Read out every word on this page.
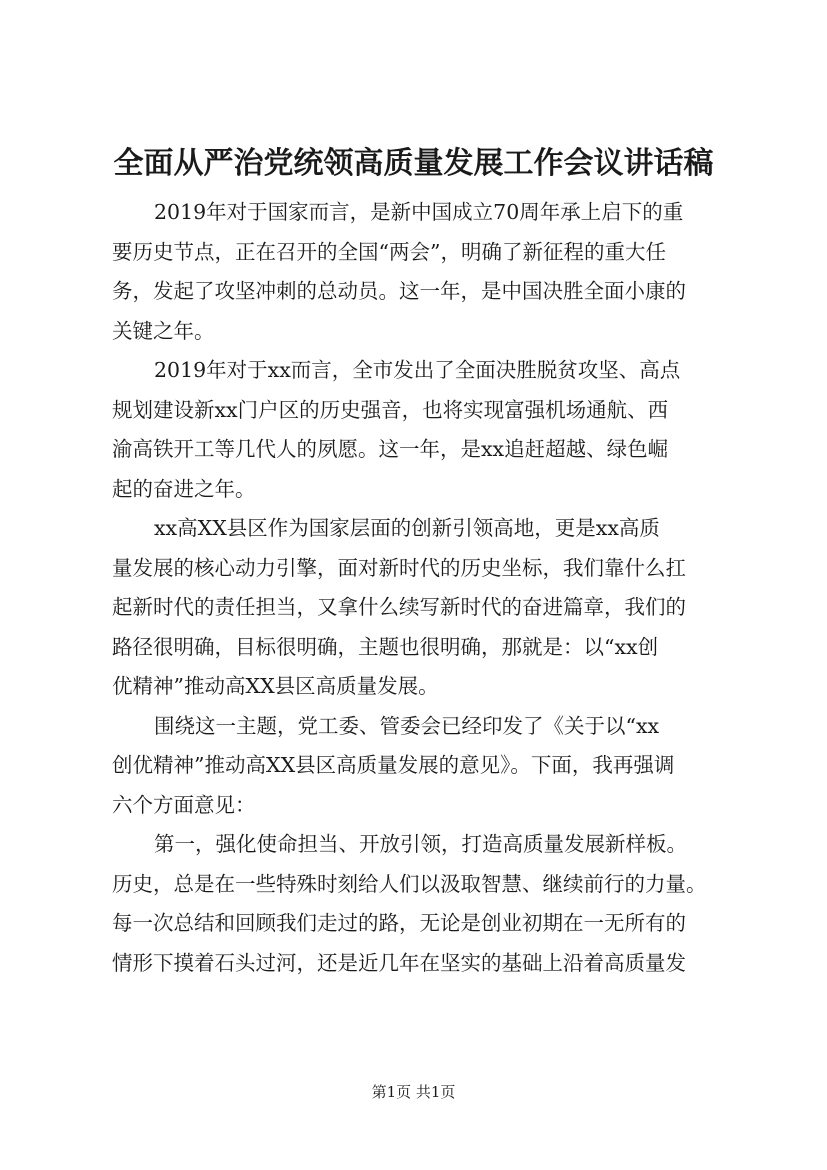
全面从严治党统领高质量发展工作会议讲话稿
2019年对于国家而言，是新中国成立70周年承上启下的重
要历史节点，正在召开的全国“两会”，明确了新征程的重大任
务，发起了攻坚冲刺的总动员。这一年，是中国决胜全面小康的
关键之年。
2019年对于xx而言，全市发出了全面决胜脱贫攻坚、高点
规划建设新xx门户区的历史强音，也将实现富强机场通航、西
渝高铁开工等几代人的夙愿。这一年，是xx追赶超越、绿色崛
起的奋进之年。
xx高XX县区作为国家层面的创新引领高地，更是xx高质
量发展的核心动力引擎，面对新时代的历史坐标，我们靠什么扛
起新时代的责任担当，又拿什么续写新时代的奋进篇章，我们的
路径很明确，目标很明确，主题也很明确，那就是：以“xx创
优精神”推动高XX县区高质量发展。
围绕这一主题，党工委、管委会已经印发了《关于以“xx
创优精神”推动高XX县区高质量发展的意见》。下面，我再强调
六个方面意见：
第一，强化使命担当、开放引领，打造高质量发展新样板。
历史，总是在一些特殊时刻给人们以汲取智慧、继续前行的力量。
每一次总结和回顾我们走过的路，无论是创业初期在一无所有的
情形下摸着石头过河，还是近几年在坚实的基础上沿着高质量发
第1页 共1页
